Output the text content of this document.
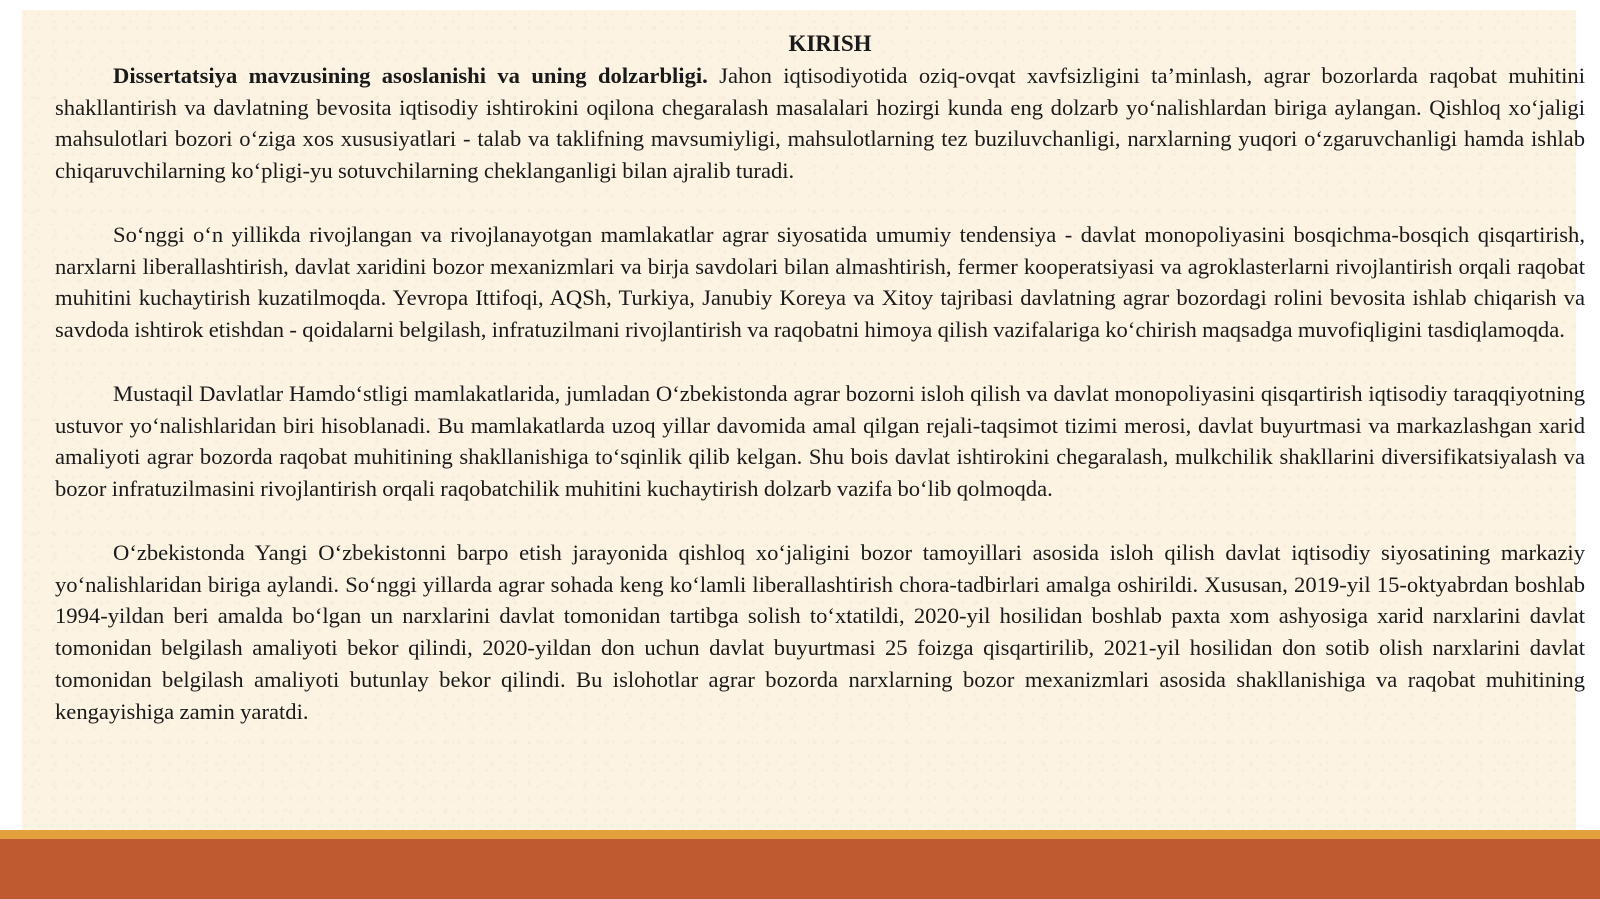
KIRISH

Dissertatsiya mavzusining asoslanishi va uning dolzarbligi. Jahon iqtisodiyotida oziq-ovqat xavfsizligini ta’minlash, agrar bozorlarda raqobat muhitini shakllantirish va davlatning bevosita iqtisodiy ishtirokini oqilona chegaralash masalalari hozirgi kunda eng dolzarb yo‘nalishlardan biriga aylangan. Qishloq xo‘jaligi mahsulotlari bozori o‘ziga xos xususiyatlari - talab va taklifning mavsumiyligi, mahsulotlarning tez buziluvchanligi, narxlarning yuqori o‘zgaruvchanligi hamda ishlab chiqaruvchilarning ko‘pligi-yu sotuvchilarning cheklanganligi bilan ajralib turadi.

So‘nggi o‘n yillikda rivojlangan va rivojlanayotgan mamlakatlar agrar siyosatida umumiy tendensiya - davlat monopoliyasini bosqichma-bosqich qisqartirish, narxlarni liberallashtirish, davlat xaridini bozor mexanizmlari va birja savdolari bilan almashtirish, fermer kooperatsiyasi va agroklasterlarni rivojlantirish orqali raqobat muhitini kuchaytirish kuzatilmoqda. Yevropa Ittifoqi, AQSh, Turkiya, Janubiy Koreya va Xitoy tajribasi davlatning agrar bozordagi rolini bevosita ishlab chiqarish va savdoda ishtirok etishdan - qoidalarni belgilash, infratuzilmani rivojlantirish va raqobatni himoya qilish vazifalariga ko‘chirish maqsadga muvofiqligini tasdiqlamoqda.

Mustaqil Davlatlar Hamdo‘stligi mamlakatlarida, jumladan O‘zbekistonda agrar bozorni isloh qilish va davlat monopoliyasini qisqartirish iqtisodiy taraqqiyotning ustuvor yo‘nalishlaridan biri hisoblanadi. Bu mamlakatlarda uzoq yillar davomida amal qilgan rejali-taqsimot tizimi merosi, davlat buyurtmasi va markazlashgan xarid amaliyoti agrar bozorda raqobat muhitining shakllanishiga to‘sqinlik qilib kelgan. Shu bois davlat ishtirokini chegaralash, mulkchilik shakllarini diversifikatsiyalash va bozor infratuzilmasini rivojlantirish orqali raqobatchilik muhitini kuchaytirish dolzarb vazifa bo‘lib qolmoqda.

O‘zbekistonda Yangi O‘zbekistonni barpo etish jarayonida qishloq xo‘jaligini bozor tamoyillari asosida isloh qilish davlat iqtisodiy siyosatining markaziy yo‘nalishlaridan biriga aylandi. So‘nggi yillarda agrar sohada keng ko‘lamli liberallashtirish chora-tadbirlari amalga oshirildi. Xususan, 2019-yil 15-oktyabrdan boshlab 1994-yildan beri amalda bo‘lgan un narxlarini davlat tomonidan tartibga solish to‘xtatildi, 2020-yil hosilidan boshlab paxta xom ashyosiga xarid narxlarini davlat tomonidan belgilash amaliyoti bekor qilindi, 2020-yildan don uchun davlat buyurtmasi 25 foizga qisqartirilib, 2021-yil hosilidan don sotib olish narxlarini davlat tomonidan belgilash amaliyoti butunlay bekor qilindi. Bu islohotlar agrar bozorda narxlarning bozor mexanizmlari asosida shakllanishiga va raqobat muhitining kengayishiga zamin yaratdi.
